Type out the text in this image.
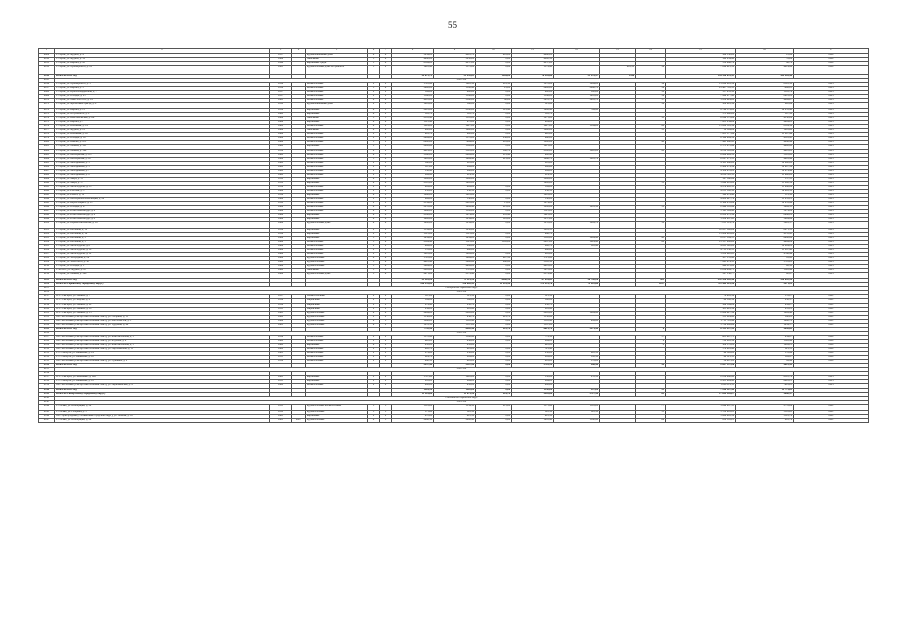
55
1	2	3	4	5	6	7	8	9	10	11	12	13	14	15	16	17
4009	Г. Серов, ул. Фрунзе, д. 4	1957		крупнопанельные дома	4	4	3034,00	4295,70	405,00	4040,00				164 330,00	12,99	2022
4010	Г. Серов, ул. Фрунзе, д. 10	1969		панельные	5	4	4980,00	3232,00	0,00	4200,10				390 854,40	51,04	2022
4011	Г. Серов, ул. Кирова, д. 45	1994		кирпичные среди	5	4	6544,00	4257,00	0,00	4257,00				150 446,74	86,79	2022
4012	Г. Серов, ул. Луначарского, д. 16	1963		крупноблочные дома без ремонта	5	2	1618,40	1172,20	0,00	1179,40		441,10	59	7 096 923,52	4014,96	2022
4014	Итого по 2022 год						94 873,72	31 432,03	1584,00	78 249,88	31 251,47	1546		144 390 876,53	189 485,48	
4015	2023 год															
4016	Г. Серов, ул. Луначарского, д. 3	1954		шлакоблочные	2	2	1722,90	1028,30	201,30	1278,00	1244,00		36	13 024 861,16	8595,30	2023
4017	Г. Серов, ул. Кирова, д. 3	1954		шлакоблочные	5	4	3442,00	1188,40	23,00	2942,00	2866,70		19	23 467 743,53	7096,81	2023
4068	Г. Серов, ул. Красногвардейская, д. 7	1937		шлакоблочные	2	2	569,00	400,00	0,00	400,00	100,00		10	557 453,30	1163,76	2023
4069	Г. Серов, ул. Победы, д. 25	1937		шлакоблочные	2	2	1340,00	1186,00	0,00	1186,00	1085,00		16	7 999 677,40	8901,22	2023
4070	Г. Серов, ул. Льва Толстого, д. 14	1963		шлакоблочные	4	4	4205,00	3140,00	80,00	3676,70	3083,70		57	3 856 624,08	4069,67	2023
4071	Г. Серов, ул. Фронтовых бригад, д. 2	1958		крупнопанельные дома	2	2	1041,00	548,20	0,00	523,80			14	108 091,54	220,84	2023
4072	Г. Серов, ул. Кирова, д. 13	1959		кирпичные	4	2	2091,00	2180,00	123,40	1906,40	749,90			8 746 379,00	14 033,48	2023
4073	Г. Серов, ул. Островского, д. 2	1960		кирпичные	4	2	543,70	543,70	0,00	543,70				573 890,00	197,30	2023
4074	Г. Серов, ул. Комсомольская, д. 2А	1969		панельные	5	5	2183,40	1185,00	0,00	1275,00			33	6 299 372,66	4150,06	2023
4075	Г. Серов, ул. Кирова, д. 7	1969		кирпичные	4	4	1125,40	972,00	0,00	904,00				7 003 234,06	9994,61	2023
4076	Г. Серов, ул. Ключевая, д. 14	1962		шлакоблочные	4	2	1229,00	1427,00	0,00	1427,00	1184,00		88	11 620 561,54	8504,34	2023
4077	Г. Серов, ул. Фрунзе, д. 21	1969		панельные	4	4	900,00	1090,00	0,00	1090,00			15	10 394,04	1016,68	2023
4078	Г. Серов, ул. Ключевая, д. 45	1969		шлакоблочные	2	2	661,70	600,00	0,00	620,00				7 205 377,84	11 297,44	2023
4079	Г. Серов, ул. Победы, д. 56	1969		шлакоблочные	2	2	2944,00	1178,00	236,00	640,00				6 399 964,16	4541,43	2023
4080	Г. Серов, ул. Бажова, д. 105	1969		шлакоблочные	5	2	8000,00	7664,00	205,00	1200,00			48	7 441 060,41	4886,49	2023
4081	Г. Серов, ул. Ленина, д. 181	1960		кирпичные	3	2	2008,60	1542,00	0,00	1413,00				2 175 072,96	4642,88	2023
4082	Г. Серов, ул. Ленина, д. 164	1959		шлакоблочные	4	2	4419,00	3395,00	148,70	2100,00	1220,00		90	4 218 126,96	4995,00	2023
4083	Г. Серов, ул. Октябрьская, д. 107	1960		шлакоблочные	4	2	3360,00	2099,00	211,40	900,40				6 066 699,12	5195,80	2023
4084	Г. Серов, ул. Октябрьская, д. 41	1969		шлакоблочные	5	4	1965,00	1464,40	221,00	1466,70	1261,79			6 097 275,13	9961,46	2023
4085	Г. Серов, ул. Молодежная, д. 3	1960		шлакоблочные	2	2	360,00	295,00		295,00				4 161 060,00	10 800,20	2023
4086	Г. Серов, ул. Молодежная, д. 5	1960		шлакоблочные	2	2	367,00	269,00		298,60				2 429 279,16	10 907,14	2023
4087	Г. Серов, ул. Молодежная, д. 7	1960		шлакоблочные	2	2	356,40	268,00		269,00				4 106 976,02	10 474,44	2023
4088	Г. Серов, ул. Молодежная, д. 9	1960		шлакоблочные	2	2	249,90	214,10		214,10				4 039 591,11	11 990,08	2023
4089	Г. Серов, ул. Мира, д. 11	1950		кирпичные	4	2	1262,00	1262,00		1262,00				547 540,84	157,13	2023
4090	Г. Серов, ул. Мира, д. 17	1952		кирпичные	4	4	2110,00	1902,00		1908,00			51	5 649 005,00	15 262,19	2023
4091	Г. Серов, ул. Металлургов, д. 53	1959		шлакоблочные	2	2	409,00	409,00	0,00	389,00				4 974 602,53	11 486,89	2023
4092	Г. Серов, ул. Рабочая, д. 3	1969		шлакоблочные	2	2	252,00	256,10	0,00	256,10				4 251 162,58	16 063,32	2023
4093	Г. Серов, ул. Рельса, д. 12	1959		кирпичные	4	2	1048,00	1003,00		1003,00				542 879,40	111,38	2023
4094	Г. Серов, ул. Октябрьской Революции, д. 29	1969		шлакоблочные	2	2	649,00	530,00	0,00	530,00				4 082 427,74	15 035,21	2023
4095	Г. Серов, ул. Карла Маркса, д. 33	1958		шлакоблочные	2	2	2334,00	2018,00	15,00	1874,00				6 364 055,04	10 853,96	2023
4096	Г. Серов, ул. Победы, д. 27	1969		шлакоблочные	4	4	2231,28	1489,40	225,00	1282,00	1281,30		51	2 944 143,96	3469,53	2023
4097	Г. Серов, ул. Розы Люксембург, д. 4	1969		шлакоблочные	4	4	1448,00	1182,00	0,00	1325,00				1 545 399,40	5074,24	2023
4098	Г. Серов, ул. Розы Люксембург, д. 6	1969		кирпичные	4	4	2188,00	1874,00	285,40	1625,00				6 832 072,56	8986,22	2023
4099	Г. Серов, ул. Розы Люксембург, д. 8	1969		кирпичные	4	4	1408,00	1254,00	122,00	1257,00				3 959 987,93	5604,84	2023
4100	Г. Серов, ул. Первой Пятилетки, д. 16	1969		крупноблочные дома	4	4	1482,00	1254,00	0,00	1255,00	1209,70		52	7 251 119,76	5893,37	2023
4101	Г. Серов, ул. Вагонная, д. 12	1959		кирпичные	2	2	1354,00	1258,00		1281,15				10 857 398,06	8071,51	2023
4102	Г. Серов, ул. Вагонная, д. 14	1959		кирпичные	2	2	1125,00	1125,00	0,00	966,70				11 289 461,00	9135,45	2023
4103	Г. Серов, ул. Вагонная, д. 3	1969		кирпичные	5	5	1454,00	1454,00	0,00	1302,00	1294,40		43	8 017 384,15	6988,84	2023
4104	Г. Серов, ул. Вагонная, д. 5	1969		шлакоблочные	5	4	2394,40	1325,00	1102,00	2087,00	1224,40		88	11 157 882,00	4664,29	2023
4105	Г. Серов, ул. Металлургов, д. 8	1969		шлакоблочные	2	2	449,00	286,00		298,70	128,40			4 021 320,00	10 804,22	2023
4106	Г. Серов, ул. Металлургов, д. 10	1969		шлакоблочные	2	2	551,00	448,00		448,00				4 713 138,15	11 287,40	2023
4107	Г. Серов, ул. Металлургов, д. 12	1969		шлакоблочные	2	2	1018,00	1009,00	0,00	865,00				5 850 420,85	4766,44	2023
4108	Г. Серов, ул. Загородная, д. 29	1969		крупноблочные	4	4	1722,00	1444,00	697,10	1721,80				107 153,42	83,90	2023
4109	Г. Серов, ул. Залесского, д. 38	1968		крупноблочные	5	4	4618,40	3842,80	240,80	3302,30				7 845 474,33	3716,61	2023
4110	Г. Серов, ул. Победы, д. 5	1969		крупноблочные	5	4	3494,00	4989,00	0,00	4905,00				494 211,82	98,30	2023
4111	Г. Асбест, ул. Фрунзе, д. 10	1968		панельные	5	4	2263,00	1712,00	0,00	1672,00				2 616 484,75	1528,46	2023
4112	Г. Серов, ул. Ленина, д. 148	1969		крупноблочные дома	5	4	2471,00	2179,40	0,00	2179,40				197 156,77	90,97	2023
4113	Итого по 2023 год						93 209,20	71 411,10	6268,10	67 094,85	20 798,26		905	241 938 228,46	410 642,90	
4114	Итого по Серовскому городскому округу						248 239,82	136 862,41	11 241,90	175 991,76	79 910,88		1057	721 969 523,18	5471,25	
4115	Сысертский городской округ															
4116	2021 год															
4117	П. С. Сысерть, ул. Ленина, д. 7	1957		Шлако-блочные	2	2	547,00	521,10	0,00	521,10				78 483,54	151,27	2021
4118	П. С. Сысерть, ул. Кирова, д. 9	1956		Кирпичные	2	2	384,20	348,20	0,00	348,20				90 106,54	258,37	2021
4119	П. С. Сысерть, ул. Ленина, д. 22	1956		Кирпичные	2	2	279,40	258,70	0,00	258,70				169 164,29	659,07	2021
4120	П. С. Сысерть, ул. Ленина, д. 30	1955		Кирпичные	2	2	239,20	216,90	0,00	216,90				185 491,56	855,21	2021
4121	П. С. Сысерть, ул. Ленина, д. 33	1963		крупноблочные	4	4	2464,00	2292,00	0,00	2245,00	1294,90			2 066 427,39	1099,48	2021
4122	Пос. Бесхозный (Сысертский сельский совет), ул. Гагарина, д. 11	1960		крупноблочные	2	2	1156,00	936,70	223,70	1158,80				151 224,90	160,61	2021
4123	Пос. Бесхозный (Сысертский сельский совет), ул. Металлистов, д. 1	1969		крупноблочные	4	3	1248,00	1165,40	0,00	1165,40	989,80			1 711 793,46	1468,78	2021
4124	Пос. Бесхозный (Сысертский сельский совет), ул. Трудовая, д. 46	1961		крупноблочные	4	2	1276,50	1187,00	0,00	1187,00				1 726 098,66	1454,17	2021
4125	Итого по 2021 год						7752,90	6962,40	223,70	6621,70	2274,40		0	6 153 497,39	9098,85	
4126	2022 год															
4127	Пос. Бесхозный (Сысертский сельский совет), ул. Комсомольская, д. 3	1956		шлакоблочные	2	2	1178,90	1148,90	0,00	779,30			17	685 497,75	434,87	2022
4128	Пос. Бесхозный (Сысертский сельский совет), ул. Клубная, д. 4	1960		шлакоблочные	2	2	420,00	456,00	0,00	264,20			9	720 863,36	1526,44	2022
4129	Пос. Бесхозный (Сысертский сельский совет), ул. Комсомольская, д. 5	1960		кирпичные	4	2	452,00	452,00		422,20			8	309 178,22	1009,21	2022
4130	Пос. Бесхозный (Сысертский сельский совет), ул. Партизанская, д. 11	1962		шлакоблочные	2	2	402,70	403,00	0,00	311,40				170 403,40	611,51	2022
4131	Г. С. Сысерть, ул. Шевченко, д. 14	1961		шлакоблочные	2	2	279,00	258,00	0,00	258,00	228,10			44 526,00	151,96	2022
4132	Г. С. Сысерть, ул. Шевченко, д. 16	1955		шлакоблочные	2	2	224,70	209,00	0,00	209,00	182,30			40 321,53	199,97	2022
4133	Пос. Бесхозный (Сысертский сельский совет), ул. Пушкина, д. 2	1959		шлакоблочные	2	2	480,10	461,00	0,00	461,00	176,00			36 407,00	89,46	2022
4134	Итого по 2022 год						3437,40	3387,90	0,00	2705,10	586,40		34	2 007 197,26	4023,42	
4135	2023 год															
4136																
4137	П. С. Сысерть, ул. Шевченко, д. 12Б	1963		кирпичные	2	2	1797,60	1028,00	0,00	358,00	255,10			2 239 448,90	6518,76	2023
4138	Г. С. Сысерть, ул. Шевченко, д. 18	1955		кирпичные	2	2	285,00	264,00	0,00	264,00				8 451 404,40	6693,21	2023
4139	Пос. Бесхозный (Сысертский сельский совет), ул. Первомайская, д. 4	1960		шлакоблочные	2	2	482,00	432,20	0,00	482,00				1 008 879,11	7991,61	2023
4140	Итого по 2023 год						1204,10	1202,00	0,00	1130,00	397,00		13	7 240 507,40	15 779,05	
4141	Итого по Сысертскому городскому округу						11 561,60	11 075,10	224,70	9483,80	3727,30		85	17 694 583,07	9068,47	
4142	Сосьвинский городской округ															
4143	2021 год															
4144	Г. Сосьва, ул. Кооперации, д. 26	1955		крупноблочные шлакоблочные	3	3	1301,00	1134,30	215,00	1175,80	1116,00		77	3 049 987,33	2751,06	2021
4145	Г. Сосьва, ул. Гагарина, д. 5	1950		крупноблочные	3	3	373,60	322,50		322,50	322,50		13	1 700 916,81	5361,65	2021
4146	Пос. Пригородный (Сосьвинский городской округ), ул. Зеленая, д. 16	1965		кирпичные	2	2	470,00	412,10	0,00	412,10				1 068 463,16	5591,76	2021
4147	Г. Сосьва, ул. Кооперации, д. 26	1961	2007	крупноблочные	4	3	2446,30	2006,40	0,00	1985,40	1580,90		66	850 583,01	441,76	2021
